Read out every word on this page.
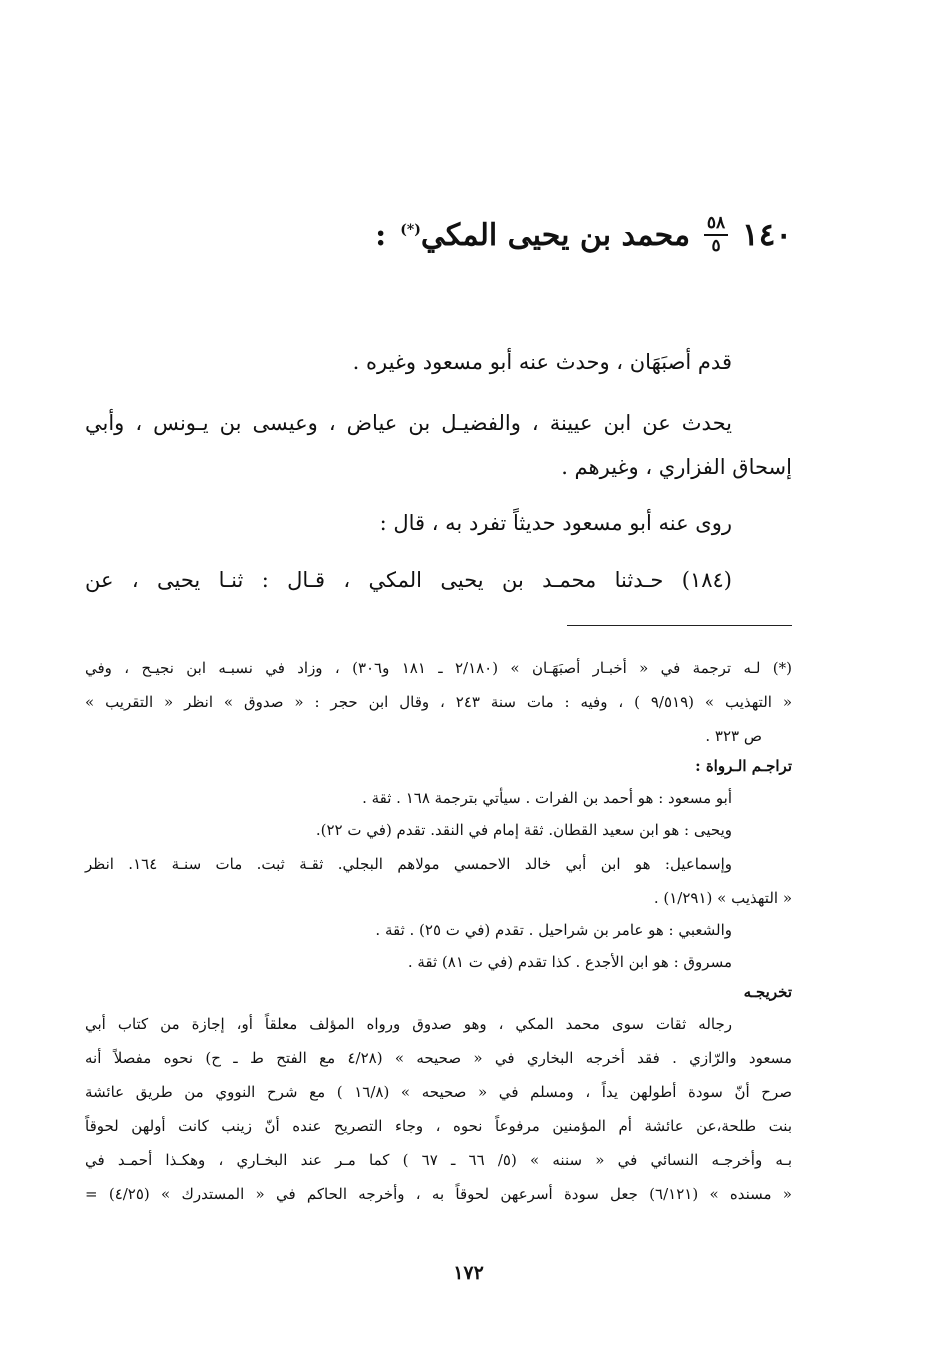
١٤٠
$\frac{٥٨}{٥}$
محمد بن يحيى المكي(*)
:
قدم أصبَهَان ، وحدث عنه أبو مسعود وغيره .
يحدث عن ابن عيينة ، والفضيـل بن عياض ، وعيسى بن يـونس ، وأبي
إسحاق الفزاري ، وغيرهم .
روى عنه أبو مسعود حديثاً تفرد به ، قال :
(١٨٤) حـدثنا محمـد بن يحيى المكي ، قـال : ثنـا يحيى ، عن
(*) لـه ترجمة في « أخبـار أصبَهَـان » (٢/١٨٠ ـ ١٨١ و٣٠٦) ، وزاد في نسبـه ابن نجيـح ، وفي
« التهذيب » (٩/٥١٩ ) ، وفيه : مات سنة ٢٤٣ ، وقال ابن حجر : « صدوق » انظر « التقريب »
ص ٣٢٣ .
تراجـم الـرواة :
أبو مسعود : هو أحمد بن الفرات . سيأتي بترجمة ١٦٨ . ثقة .
ويحيى : هو ابن سعيد القطان. ثقة إمام في النقد. تقدم (في ت ٢٢).
وإسماعيل: هو ابن أبي خالد الاحمسي مولاهم البجلي. ثقـة ثبت. مات سنـة ١٦٤. انظر
« التهذيب » (١/٢٩١) .
والشعبي : هو عامر بن شراحيل . تقدم (في ت ٢٥) . ثقة .
مسروق : هو ابن الأجدع . كذا تقدم (في ت ٨١) ثقة .
تخريجـه
رجاله ثقات سوى محمد المكي ، وهو صدوق ورواه المؤلف معلقاً أو، إجازة من كتاب أبي
مسعود والرّازي . فقد أخرجه البخاري في « صحيحه » (٤/٢٨ مع الفتح ط ـ ح) نحوه مفصلاً أنه
صرح أنّ سودة أطولهن يداً ، ومسلم في « صحيحه » (١٦/٨ ) مع شرح النووي من طريق عائشة
بنت طلحة،عن عائشة أم المؤمنين مرفوعاً نحوه ، وجاء التصريح عنده أنّ زينب كانت أولهن لحوقاً
بـه وأخرجـه النسائي في « سننه » (٥/ ٦٦ ـ ٦٧ ) كما مـر عند البخـاري ، وهكـذا أحمـد في
« مسنده » (٦/١٢١) جعل سودة أسرعهن لحوقاً به ، وأخرجه الحاكم في « المستدرك » (٤/٢٥) =
١٧٢
